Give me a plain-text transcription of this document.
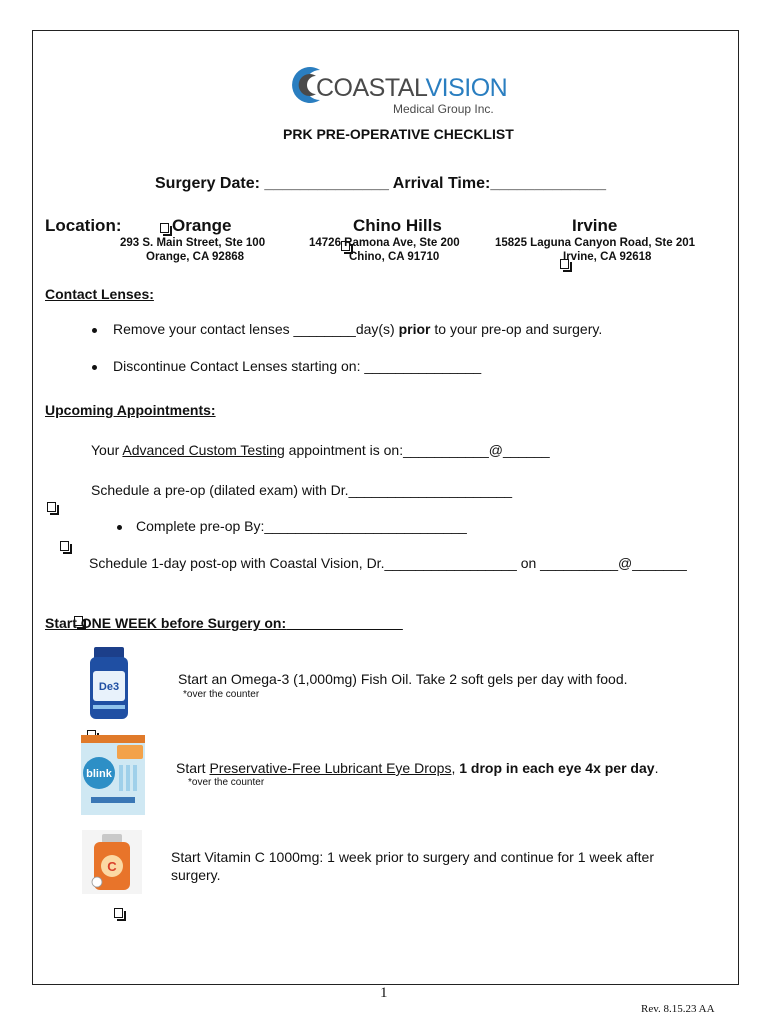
COASTALVISION
Medical Group Inc.
PRK PRE-OPERATIVE CHECKLIST
Surgery Date: ______________ Arrival Time:_____________
Location:	Orange
293 S. Main Street, Ste 100
Orange, CA 92868
Chino Hills
14726 Ramona Ave, Ste 200
Chino, CA 91710
Irvine
15825 Laguna Canyon Road, Ste 201
Irvine, CA 92618
Contact Lenses:
Remove your contact lenses ________day(s) prior to your pre-op and surgery.
Discontinue Contact Lenses starting on: _______________
Upcoming Appointments:

Your Advanced Custom Testing appointment is on:___________@______

Schedule a pre-op (dilated exam) with Dr._____________________
Complete pre-op By:__________________________

Schedule 1-day post-op with Coastal Vision, Dr._________________ on __________@_______
Start ONE WEEK before Surgery on:

De3	Start an Omega-3 (1,000mg) Fish Oil. Take 2 soft gels per day with food.
*over the counter

blink	Start Preservative-Free Lubricant Eye Drops, 1 drop in each eye 4x per day.
*over the counter
C
Start Vitamin C 1000mg: 1 week prior to surgery and continue for 1 week after
surgery.
1
Rev. 8.15.23 AA
